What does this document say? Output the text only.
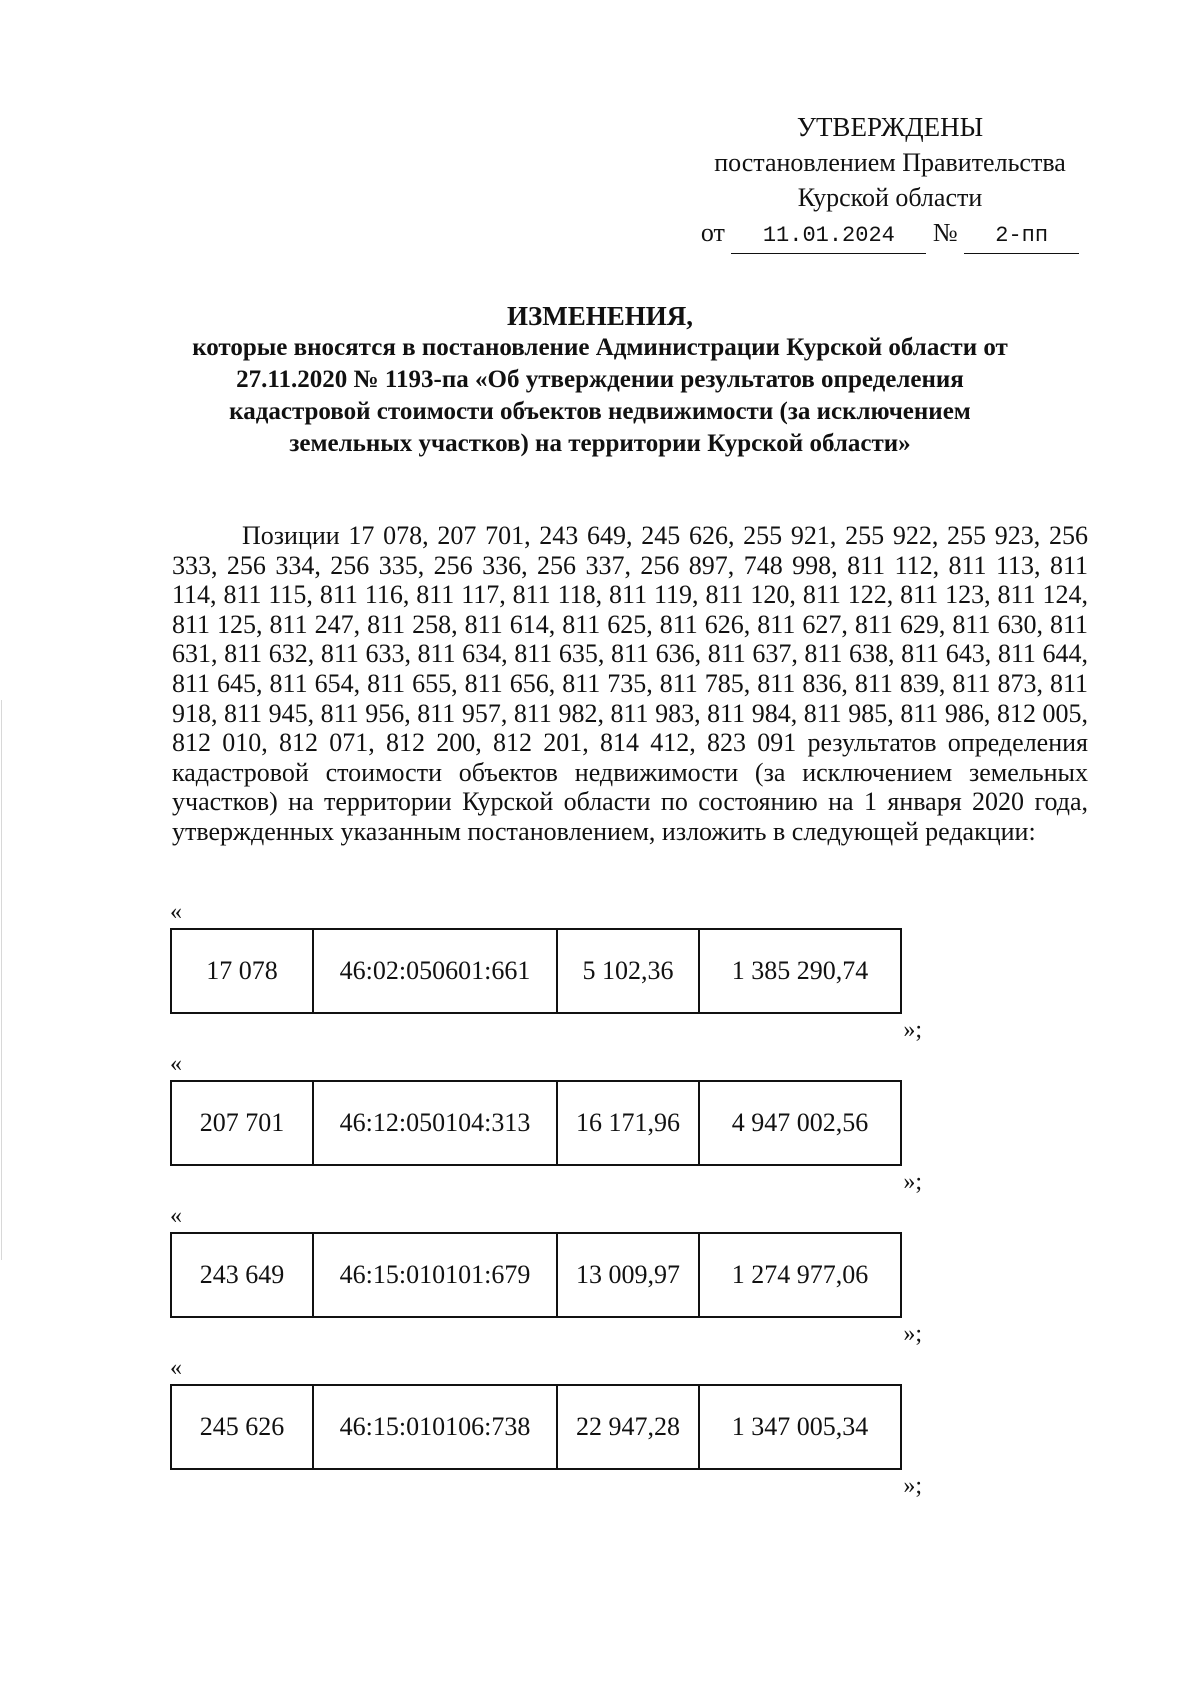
УТВЕРЖДЕНЫ
постановлением Правительства
Курской области
от 11.01.2024 № 2-пп
ИЗМЕНЕНИЯ,
которые вносятся в постановление Администрации Курской области от
27.11.2020 № 1193-па «Об утверждении результатов определения
кадастровой стоимости объектов недвижимости (за исключением
земельных участков) на территории Курской области»

Позиции 17 078, 207 701, 243 649, 245 626, 255 921, 255 922, 255 923, 256 333, 256 334, 256 335, 256 336, 256 337, 256 897, 748 998, 811 112, 811 113, 811 114, 811 115, 811 116, 811 117, 811 118, 811 119, 811 120, 811 122, 811 123, 811 124, 811 125, 811 247, 811 258, 811 614, 811 625, 811 626, 811 627, 811 629, 811 630, 811 631, 811 632, 811 633, 811 634, 811 635, 811 636, 811 637, 811 638, 811 643, 811 644, 811 645, 811 654, 811 655, 811 656, 811 735, 811 785, 811 836, 811 839, 811 873, 811 918, 811 945, 811 956, 811 957, 811 982, 811 983, 811 984, 811 985, 811 986, 812 005, 812 010, 812 071, 812 200, 812 201, 814 412, 823 091 результатов определения кадастровой стоимости объектов недвижимости (за исключением земельных участков) на территории Курской области по состоянию на 1 января 2020 года, утвержденных указанным постановлением, изложить в следующей редакции:

«
17 078	46:02:050601:661	5 102,36	1 385 290,74
»;
«
207 701	46:12:050104:313	16 171,96	4 947 002,56
»;
«
243 649	46:15:010101:679	13 009,97	1 274 977,06
»;
«
245 626	46:15:010106:738	22 947,28	1 347 005,34
»;
